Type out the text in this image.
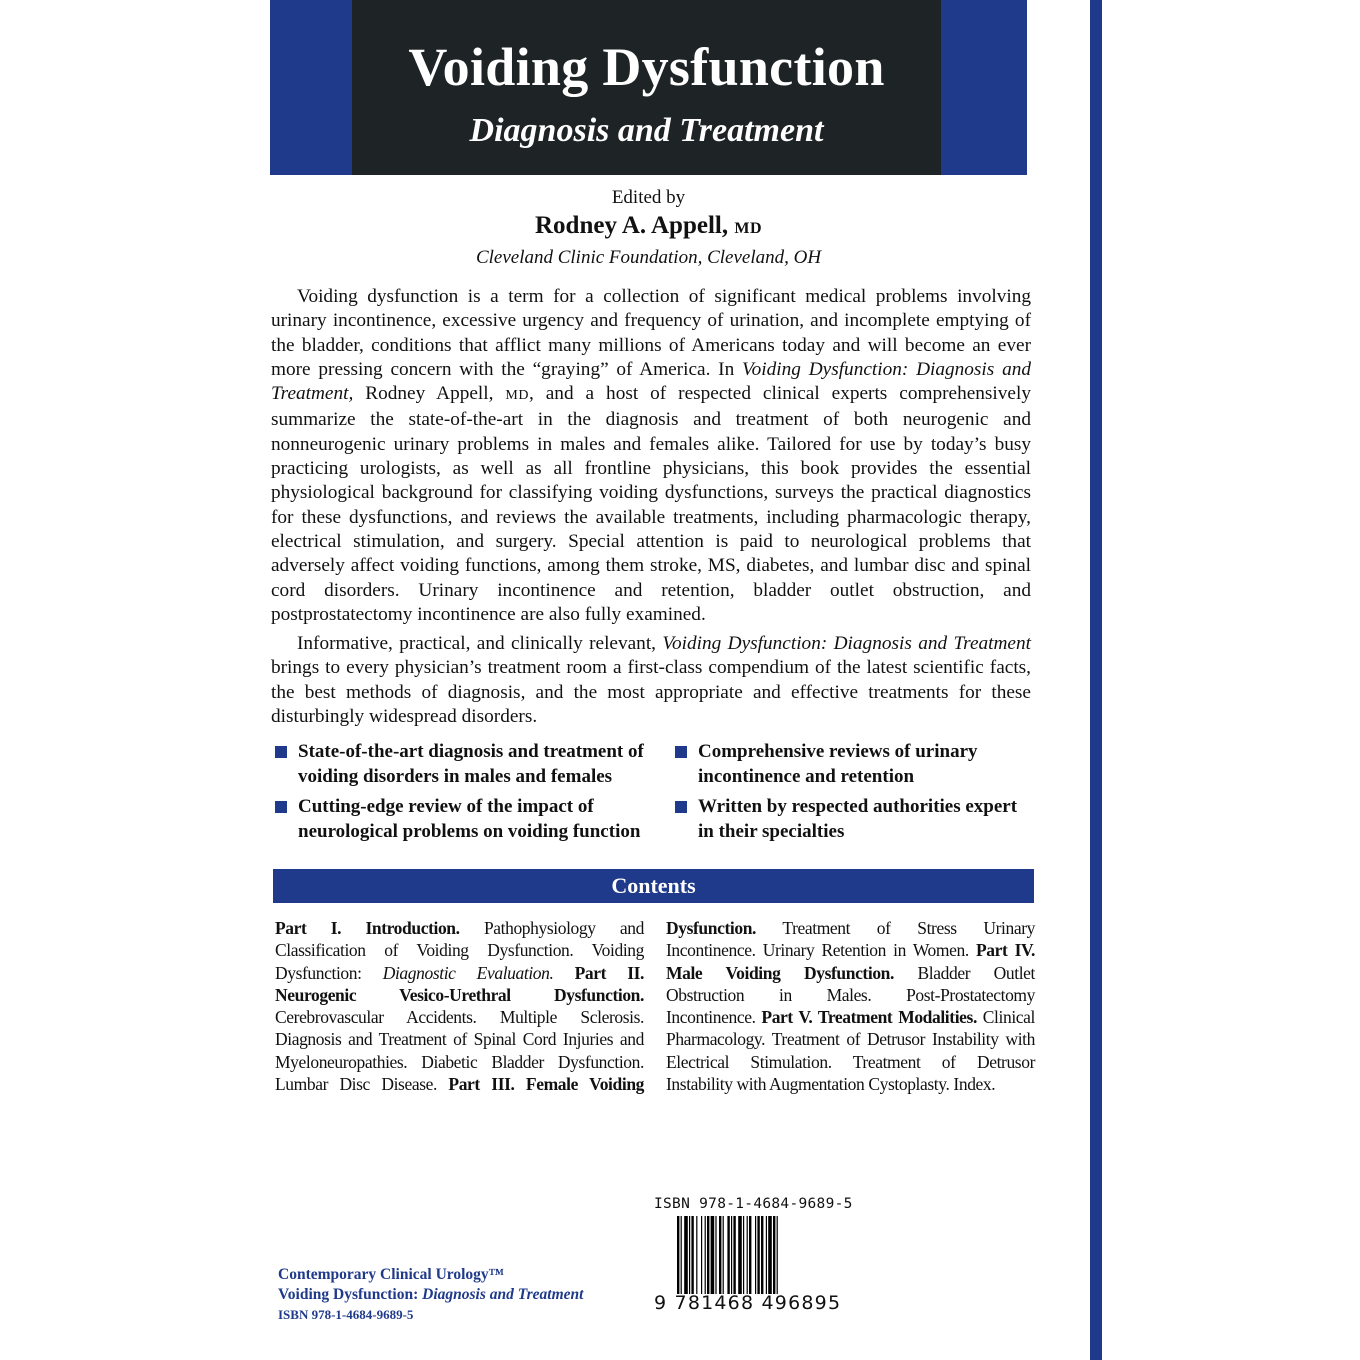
Voiding Dysfunction
Diagnosis and Treatment
Edited by
Rodney A. Appell, MD
Cleveland Clinic Foundation, Cleveland, OH

Voiding dysfunction is a term for a collection of significant medical problems involving urinary incontinence, excessive urgency and frequency of urination, and incomplete emptying of the bladder, conditions that afflict many millions of Americans today and will become an ever more pressing concern with the “graying” of America. In Voiding Dysfunction: Diagnosis and Treatment, Rodney Appell, MD, and a host of respected clinical experts comprehensively summarize the state-of-the-art in the diagnosis and treatment of both neurogenic and nonneurogenic urinary problems in males and females alike. Tailored for use by today’s busy practicing urologists, as well as all frontline physicians, this book provides the essential physiological background for classifying voiding dysfunctions, surveys the practical diagnostics for these dysfunctions, and reviews the available treatments, including pharmacologic therapy, electrical stimulation, and surgery. Special attention is paid to neurological problems that adversely affect voiding functions, among them stroke, MS, diabetes, and lumbar disc and spinal cord disorders. Urinary incontinence and retention, bladder outlet obstruction, and postprostatectomy incontinence are also fully examined.

Informative, practical, and clinically relevant, Voiding Dysfunction: Diagnosis and Treatment brings to every physician’s treatment room a first-class compendium of the latest scientific facts, the best methods of diagnosis, and the most appropriate and effective treatments for these disturbingly widespread disorders.

State-of-the-art diagnosis and treatment of voiding disorders in males and females
Comprehensive reviews of urinary incontinence and retention
Cutting-edge review of the impact of neurological problems on voiding function
Written by respected authorities expert in their specialties
Contents
Part I. Introduction. Pathophysiology and Classification of Voiding Dysfunction. Voiding Dysfunction: Diagnostic Evaluation. Part II. Neurogenic Vesico-Urethral Dysfunction. Cerebrovascular Accidents. Multiple Sclerosis. Diagnosis and Treatment of Spinal Cord Injuries and Myeloneuropathies. Diabetic Bladder Dysfunction. Lumbar Disc Disease. Part III. Female Voiding Dysfunction. Treatment of Stress Urinary Incontinence. Urinary Retention in Women. Part IV. Male Voiding Dysfunction. Bladder Outlet Obstruction in Males. Post-Prostatectomy Incontinence. Part V. Treatment Modalities. Clinical Pharmacology. Treatment of Detrusor Instability with Electrical Stimulation. Treatment of Detrusor Instability with Augmentation Cystoplasty. Index.
ISBN 978-1-4684-9689-5
9 781468 496895
Contemporary Clinical Urology™
Voiding Dysfunction: Diagnosis and Treatment
ISBN 978-1-4684-9689-5
